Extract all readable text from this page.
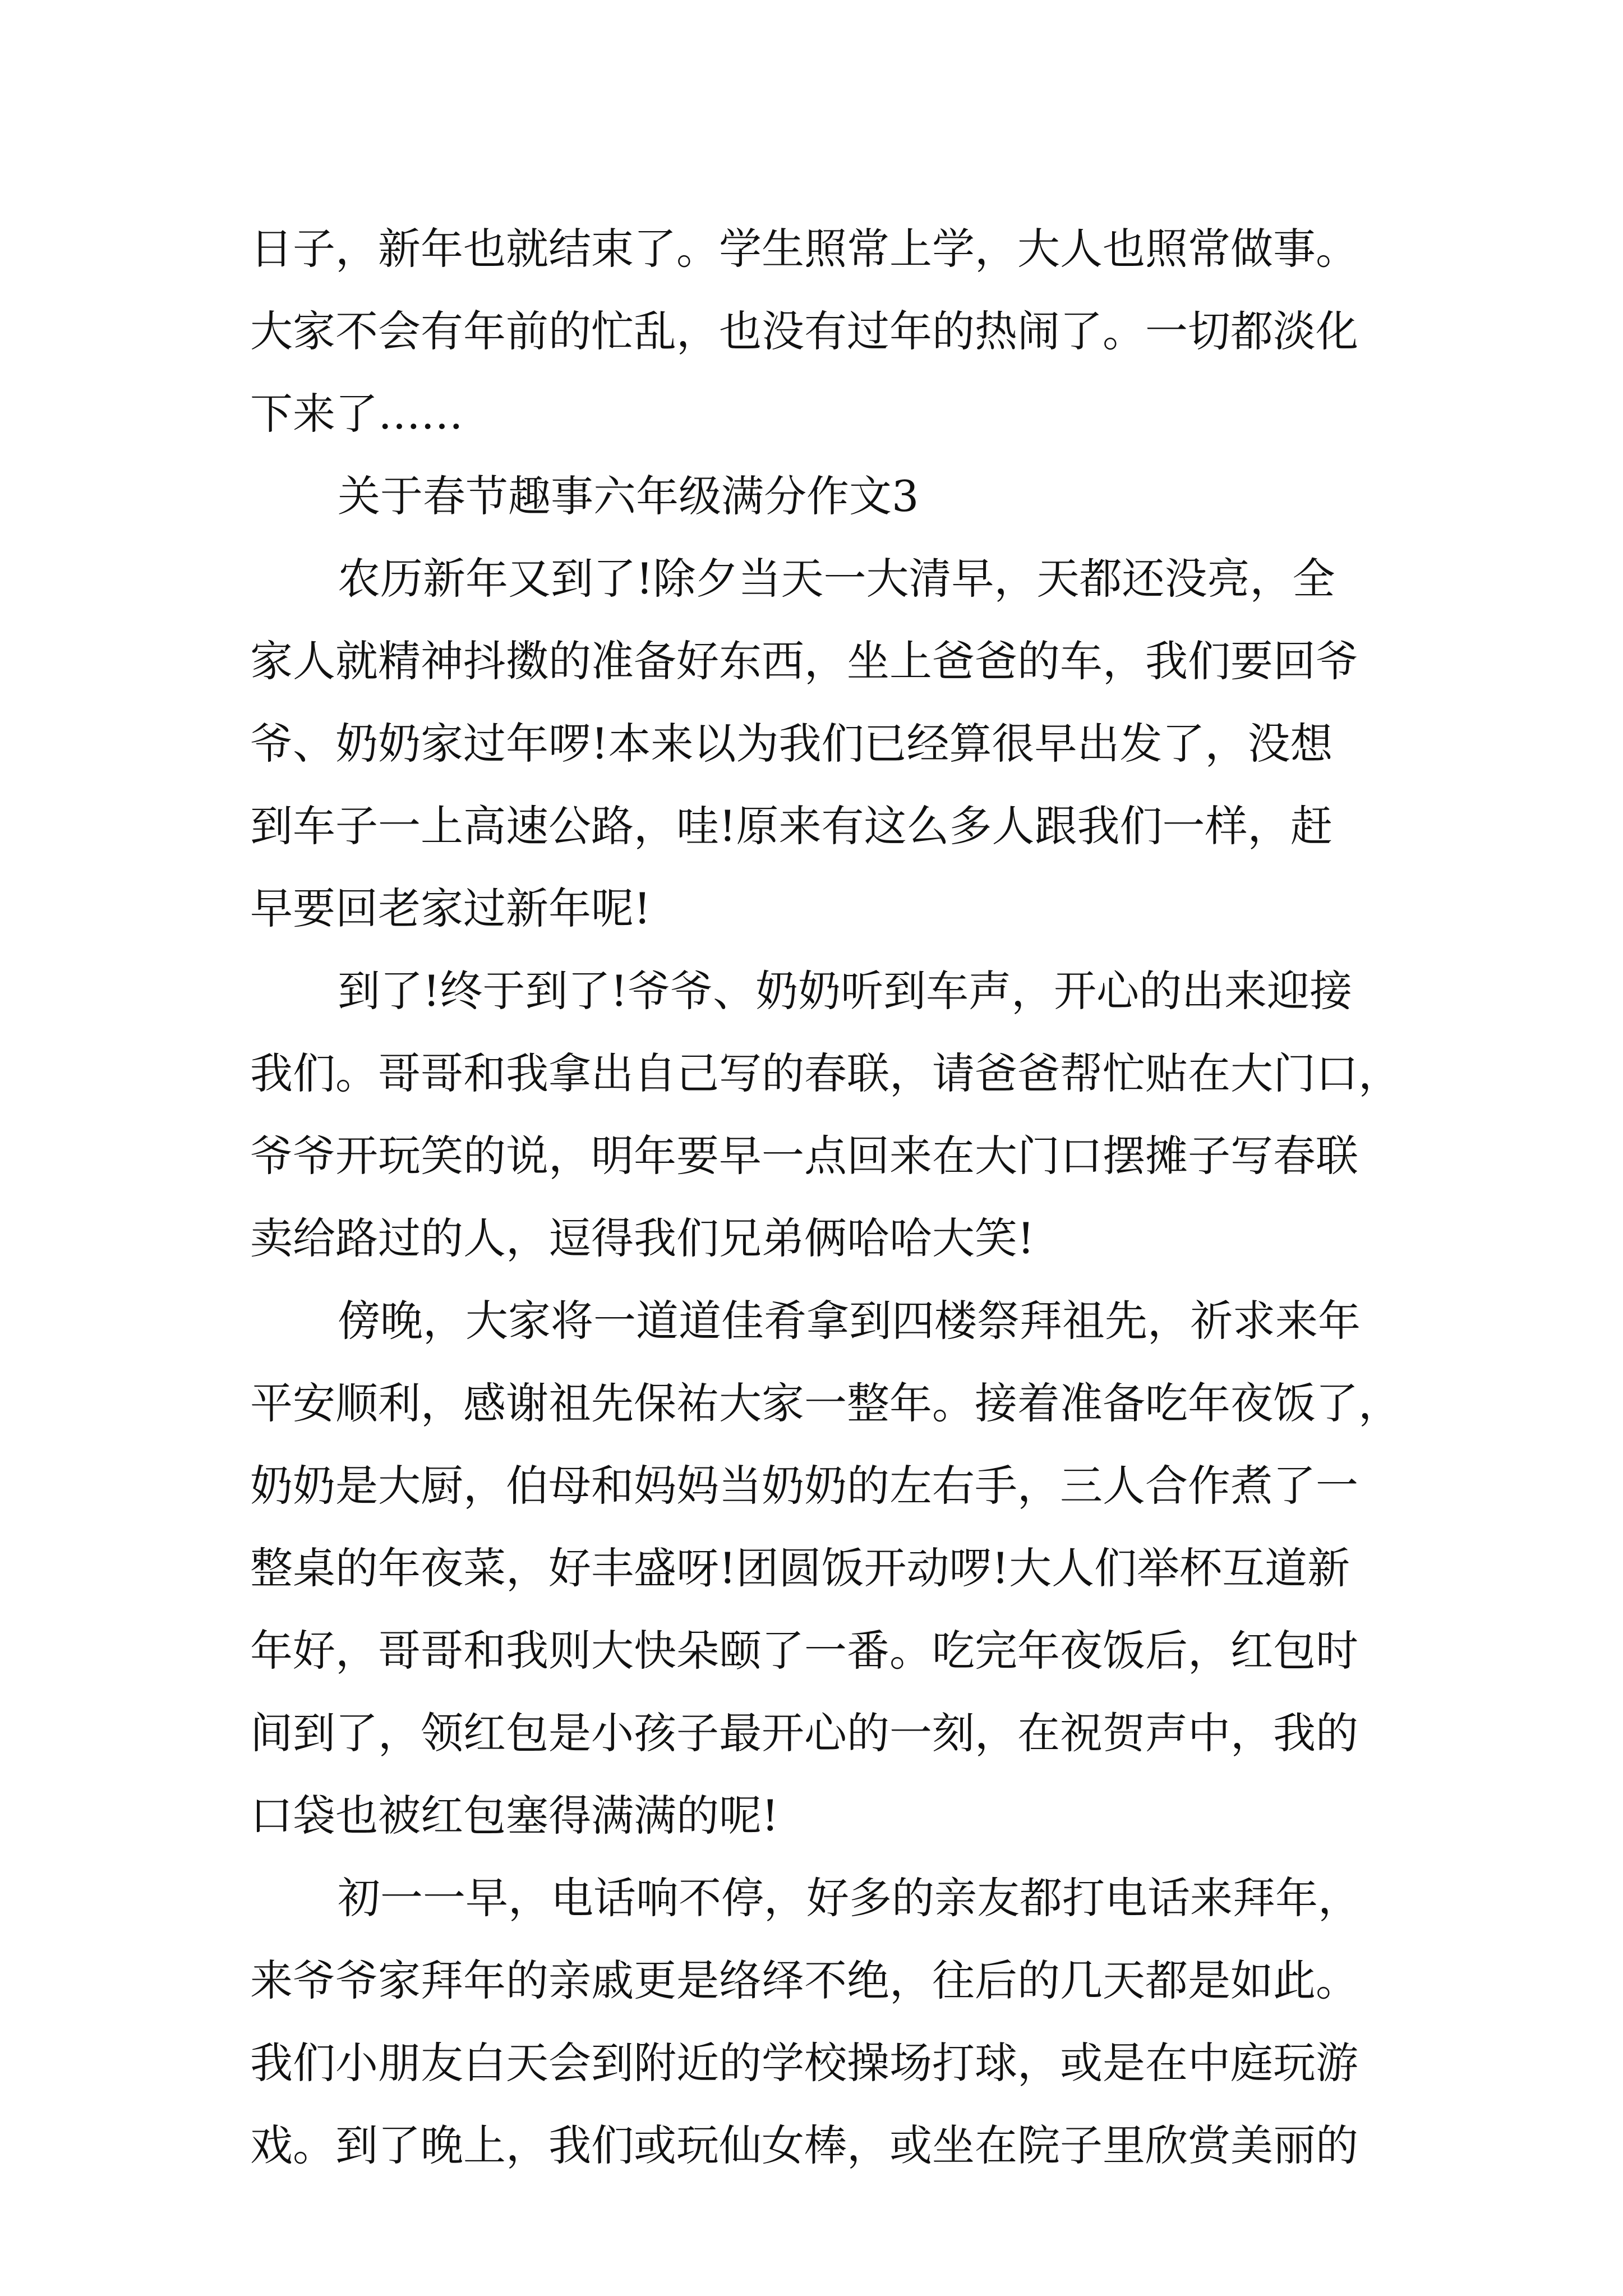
日子，新年也就结束了。学生照常上学，大人也照常做事。
大家不会有年前的忙乱，也没有过年的热闹了。一切都淡化
下来了……
关于春节趣事六年级满分作文3
农历新年又到了!除夕当天一大清早，天都还没亮，全
家人就精神抖擞的准备好东西，坐上爸爸的车，我们要回爷
爷、奶奶家过年啰!本来以为我们已经算很早出发了，没想
到车子一上高速公路，哇!原来有这么多人跟我们一样，赶
早要回老家过新年呢!
到了!终于到了!爷爷、奶奶听到车声，开心的出来迎接
我们。哥哥和我拿出自己写的春联，请爸爸帮忙贴在大门口，
爷爷开玩笑的说，明年要早一点回来在大门口摆摊子写春联
卖给路过的人，逗得我们兄弟俩哈哈大笑!
傍晚，大家将一道道佳肴拿到四楼祭拜祖先，祈求来年
平安顺利，感谢祖先保祐大家一整年。接着准备吃年夜饭了，
奶奶是大厨，伯母和妈妈当奶奶的左右手，三人合作煮了一
整桌的年夜菜，好丰盛呀!团圆饭开动啰!大人们举杯互道新
年好，哥哥和我则大快朵颐了一番。吃完年夜饭后，红包时
间到了，领红包是小孩子最开心的一刻，在祝贺声中，我的
口袋也被红包塞得满满的呢!
初一一早，电话响不停，好多的亲友都打电话来拜年，
来爷爷家拜年的亲戚更是络绎不绝，往后的几天都是如此。
我们小朋友白天会到附近的学校操场打球，或是在中庭玩游
戏。到了晚上，我们或玩仙女棒，或坐在院子里欣赏美丽的
